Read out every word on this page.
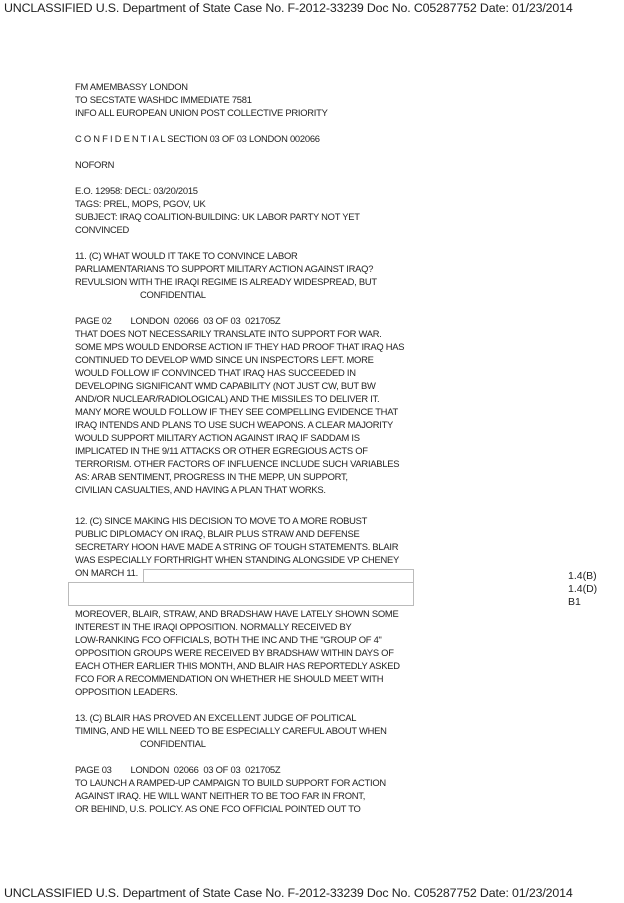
UNCLASSIFIED U.S. Department of State Case No. F-2012-33239 Doc No. C05287752 Date: 01/23/2014
FM AMEMBASSY LONDON
TO SECSTATE WASHDC IMMEDIATE 7581
INFO ALL EUROPEAN UNION POST COLLECTIVE PRIORITY
C O N F I D E N T I A L SECTION 03 OF 03 LONDON 002066
NOFORN
E.O. 12958: DECL: 03/20/2015
TAGS: PREL, MOPS, PGOV, UK
SUBJECT: IRAQ COALITION-BUILDING: UK LABOR PARTY NOT YET
CONVINCED
11. (C) WHAT WOULD IT TAKE TO CONVINCE LABOR
PARLIAMENTARIANS TO SUPPORT MILITARY ACTION AGAINST IRAQ?
REVULSION WITH THE IRAQI REGIME IS ALREADY WIDESPREAD, BUT
CONFIDENTIAL
PAGE 02        LONDON  02066  03 OF 03  021705Z
THAT DOES NOT NECESSARILY TRANSLATE INTO SUPPORT FOR WAR.
SOME MPS WOULD ENDORSE ACTION IF THEY HAD PROOF THAT IRAQ HAS
CONTINUED TO DEVELOP WMD SINCE UN INSPECTORS LEFT. MORE
WOULD FOLLOW IF CONVINCED THAT IRAQ HAS SUCCEEDED IN
DEVELOPING SIGNIFICANT WMD CAPABILITY (NOT JUST CW, BUT BW
AND/OR NUCLEAR/RADIOLOGICAL) AND THE MISSILES TO DELIVER IT.
MANY MORE WOULD FOLLOW IF THEY SEE COMPELLING EVIDENCE THAT
IRAQ INTENDS AND PLANS TO USE SUCH WEAPONS. A CLEAR MAJORITY
WOULD SUPPORT MILITARY ACTION AGAINST IRAQ IF SADDAM IS
IMPLICATED IN THE 9/11 ATTACKS OR OTHER EGREGIOUS ACTS OF
TERRORISM. OTHER FACTORS OF INFLUENCE INCLUDE SUCH VARIABLES
AS: ARAB SENTIMENT, PROGRESS IN THE MEPP, UN SUPPORT,
CIVILIAN CASUALTIES, AND HAVING A PLAN THAT WORKS.
12. (C) SINCE MAKING HIS DECISION TO MOVE TO A MORE ROBUST
PUBLIC DIPLOMACY ON IRAQ, BLAIR PLUS STRAW AND DEFENSE
SECRETARY HOON HAVE MADE A STRING OF TOUGH STATEMENTS. BLAIR
WAS ESPECIALLY FORTHRIGHT WHEN STANDING ALONGSIDE VP CHENEY
ON MARCH 11.	1.4(B)
1.4(D)
B1
MOREOVER, BLAIR, STRAW, AND BRADSHAW HAVE LATELY SHOWN SOME
INTEREST IN THE IRAQI OPPOSITION. NORMALLY RECEIVED BY
LOW-RANKING FCO OFFICIALS, BOTH THE INC AND THE "GROUP OF 4"
OPPOSITION GROUPS WERE RECEIVED BY BRADSHAW WITHIN DAYS OF
EACH OTHER EARLIER THIS MONTH, AND BLAIR HAS REPORTEDLY ASKED
FCO FOR A RECOMMENDATION ON WHETHER HE SHOULD MEET WITH
OPPOSITION LEADERS.
13. (C) BLAIR HAS PROVED AN EXCELLENT JUDGE OF POLITICAL
TIMING, AND HE WILL NEED TO BE ESPECIALLY CAREFUL ABOUT WHEN
CONFIDENTIAL
PAGE 03        LONDON  02066  03 OF 03  021705Z
TO LAUNCH A RAMPED-UP CAMPAIGN TO BUILD SUPPORT FOR ACTION
AGAINST IRAQ. HE WILL WANT NEITHER TO BE TOO FAR IN FRONT,
OR BEHIND, U.S. POLICY. AS ONE FCO OFFICIAL POINTED OUT TO
UNCLASSIFIED U.S. Department of State Case No. F-2012-33239 Doc No. C05287752 Date: 01/23/2014
